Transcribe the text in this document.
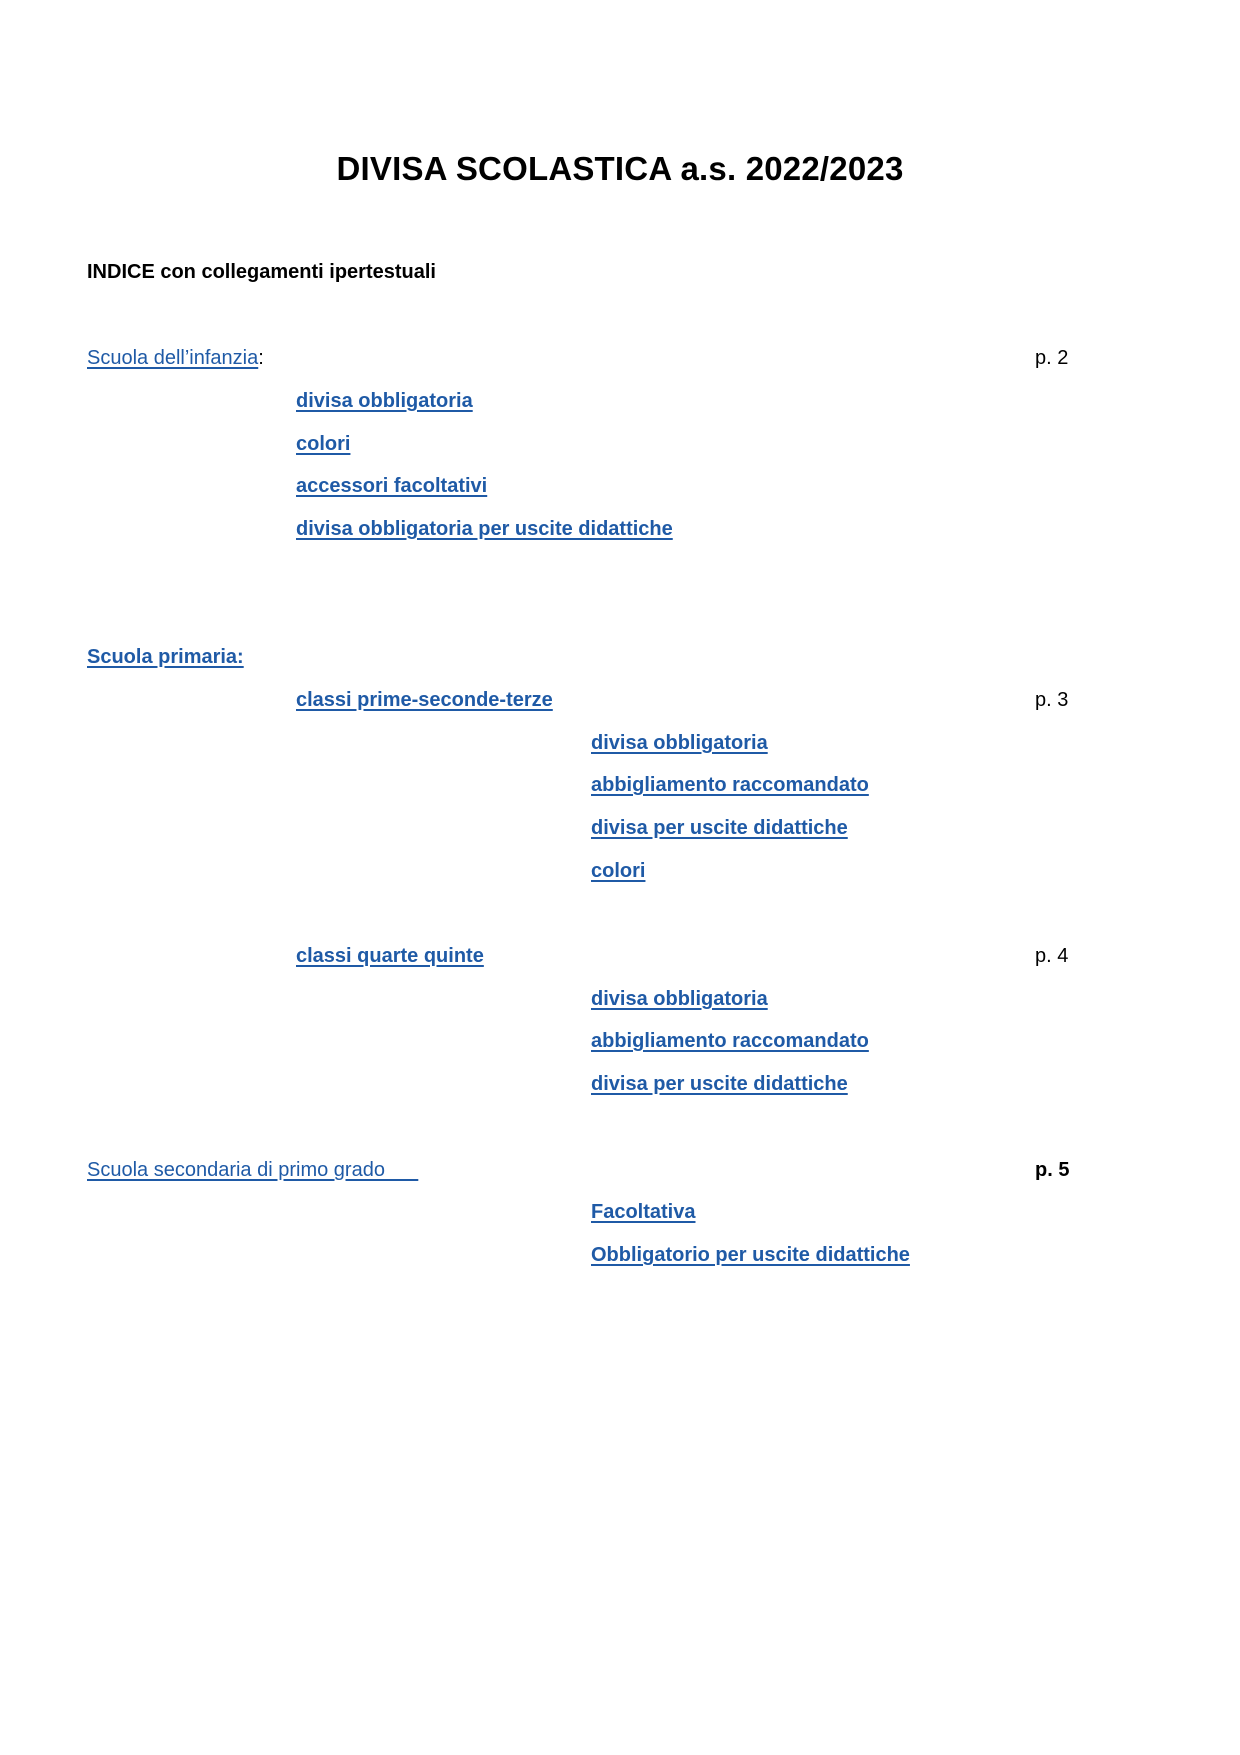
DIVISA SCOLASTICA a.s. 2022/2023

INDICE con collegamenti ipertestuali

Scuola dell’infanzia:	p. 2
divisa obbligatoria
colori
accessori facoltativi
divisa obbligatoria per uscite didattiche
Scuola primaria:
classi prime-seconde-terze	p. 3
divisa obbligatoria
abbigliamento raccomandato
divisa per uscite didattiche
colori
classi quarte quinte	p. 4
divisa obbligatoria
abbigliamento raccomandato
divisa per uscite didattiche
Scuola secondaria di primo grado	p. 5
Facoltativa
Obbligatorio per uscite didattiche
